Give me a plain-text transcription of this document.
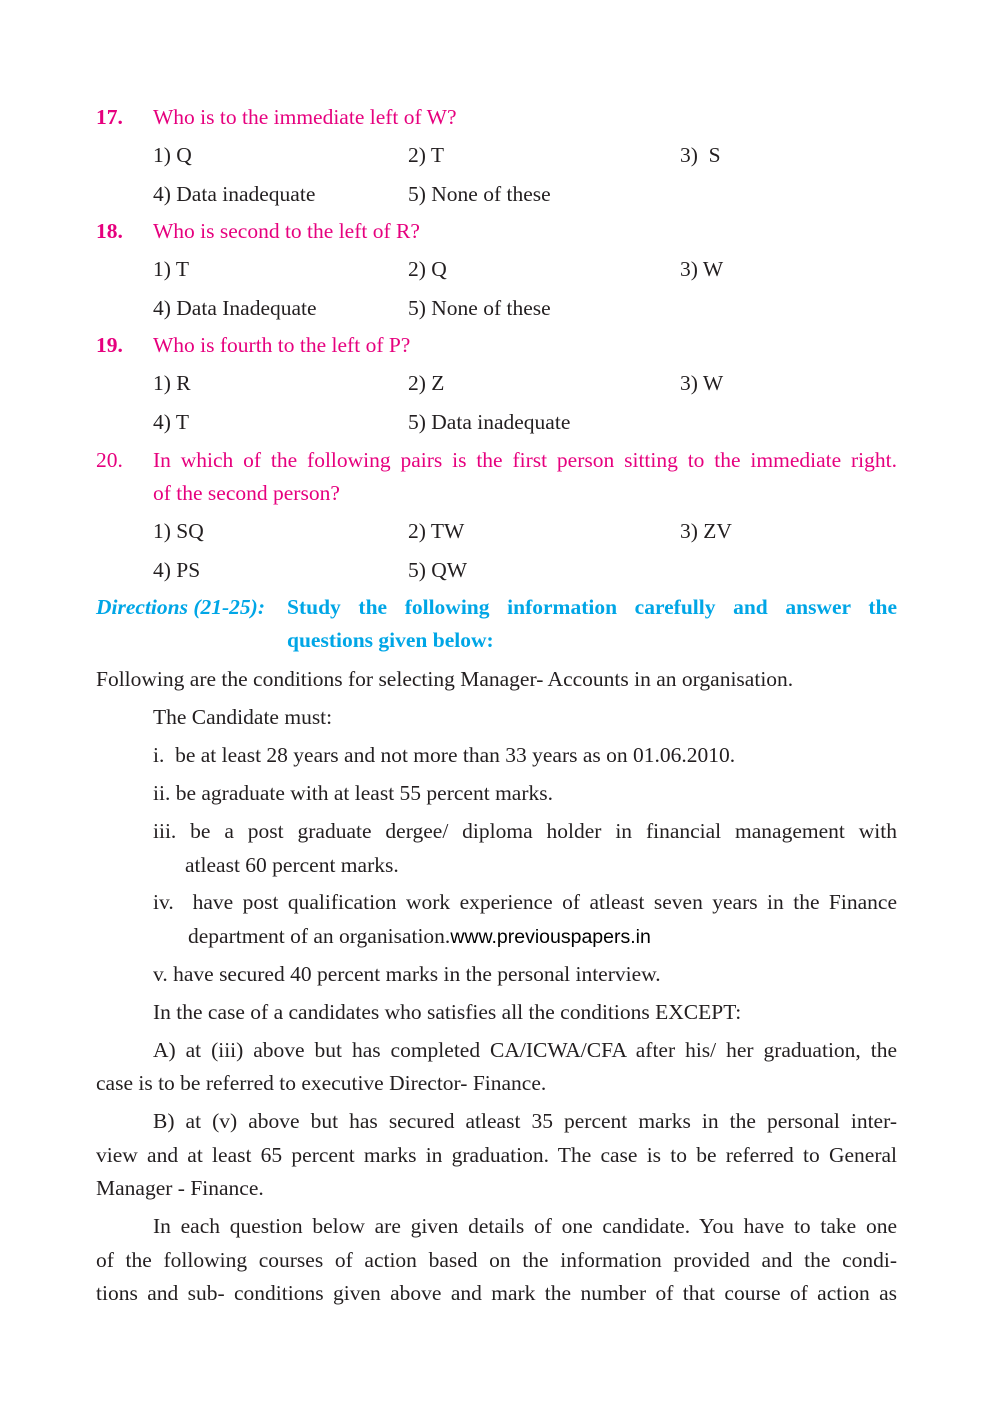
17. Who is to the immediate left of W?
1) Q	2) T	3)  S
4) Data inadequate	5) None of these
18. Who is second to the left of R?
1) T	2) Q	3) W
4) Data Inadequate	5) None of these
19. Who is fourth to the left of P?
1) R	2) Z	3) W
4) T	5) Data inadequate
20. In which of the following pairs is the first person sitting to the immediate right.
of the second person?
1) SQ	2) TW	3) ZV
4) PS	5) QW
Directions (21-25): Study the following information carefully and answer the
questions given below:
Following are the conditions for selecting Manager- Accounts in an organisation.
The Candidate must:
i.  be at least 28 years and not more than 33 years as on 01.06.2010.
ii. be agraduate with at least 55 percent marks.
iii. be a post graduate dergee/ diploma holder in financial management with
atleast 60 percent marks.
iv.  have post qualification work experience of atleast seven years in the Finance
department of an organisation.www.previouspapers.in
v. have secured 40 percent marks in the personal interview.
In the case of a candidates who satisfies all the conditions EXCEPT:
A) at (iii) above but has completed CA/ICWA/CFA after his/ her graduation, the
case is to be referred to executive Director- Finance.
B) at (v) above but has secured atleast 35 percent marks in the personal inter-
view and at least 65 percent marks in graduation. The case is to be referred to General
Manager - Finance.
In each question below are given details of one candidate. You have to take one
of the following courses of action based on the information provided and the condi-
tions and sub- conditions given above and mark the number of that course of action as
